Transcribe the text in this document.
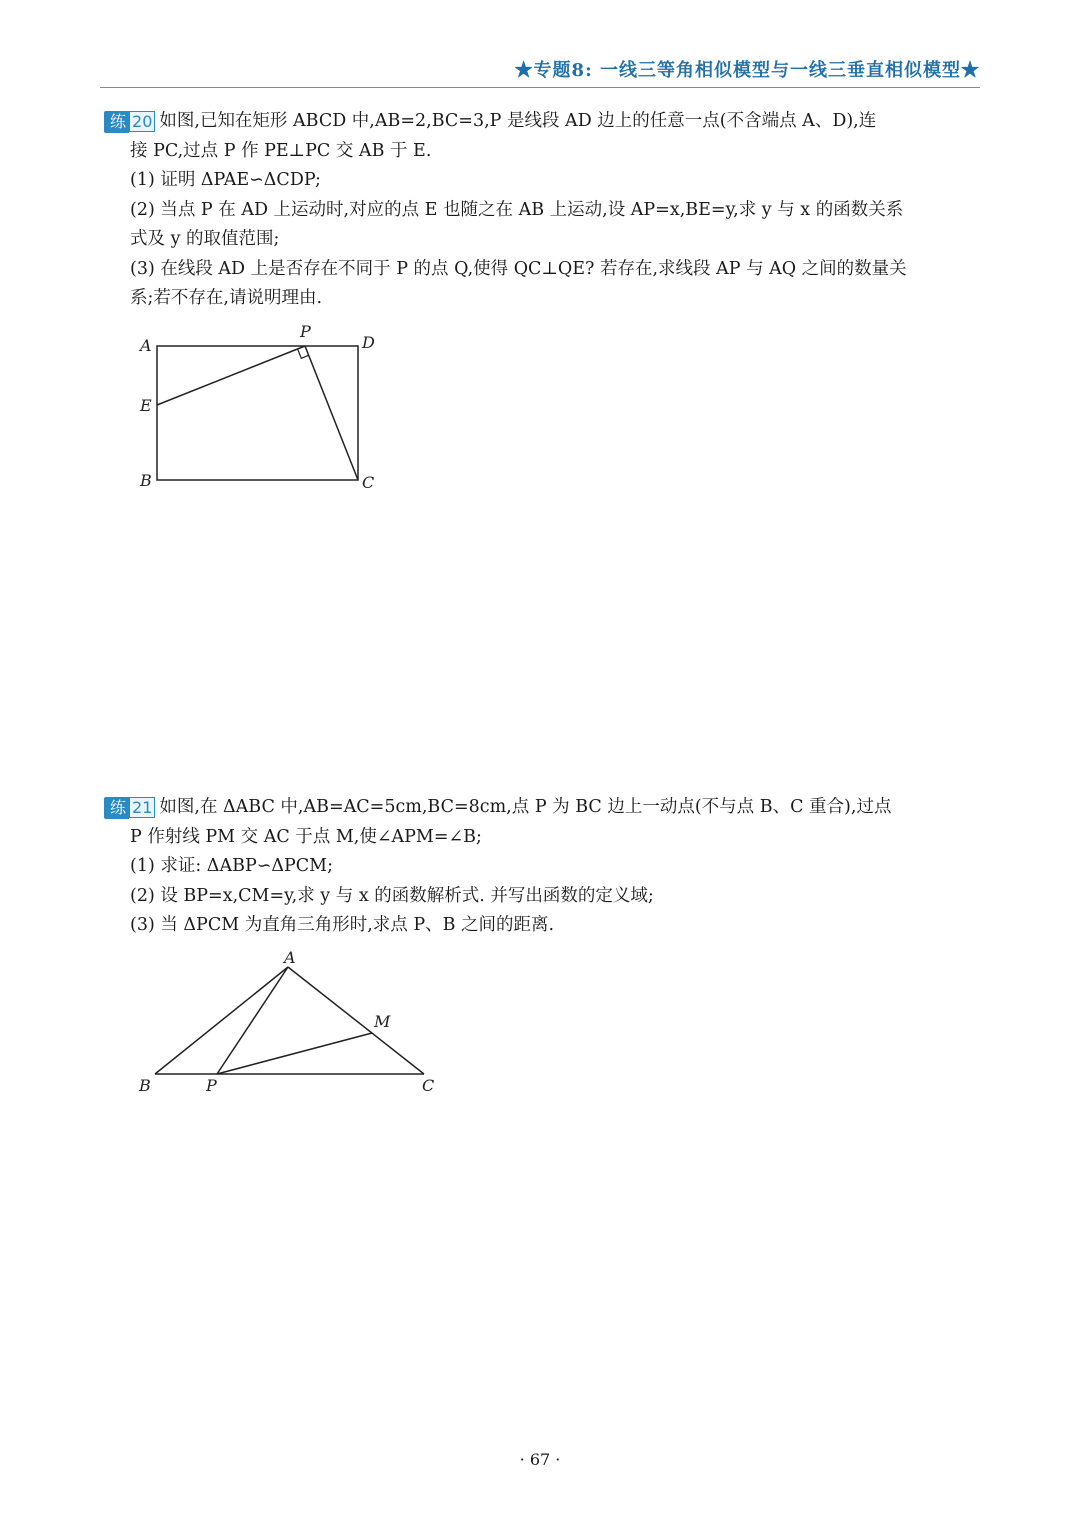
★专题8: 一线三等角相似模型与一线三垂直相似模型★
练 20 如图,已知在矩形 ABCD 中,AB=2,BC=3,P 是线段 AD 边上的任意一点(不含端点 A、D),连
接 PC,过点 P 作 PE⊥PC 交 AB 于 E.
(1) 证明 ΔPAE∽ΔCDP;
(2) 当点 P 在 AD 上运动时,对应的点 E 也随之在 AB 上运动,设 AP=x,BE=y,求 y 与 x 的函数关系
式及 y 的取值范围;
(3) 在线段 AD 上是否存在不同于 P 的点 Q,使得 QC⊥QE? 若存在,求线段 AP 与 AQ 之间的数量关
系;若不存在,请说明理由.
A
E
B	C
D
P
练 21 如图,在 ΔABC 中,AB=AC=5cm,BC=8cm,点 P 为 BC 边上一动点(不与点 B、C 重合),过点
P 作射线 PM 交 AC 于点 M,使∠APM=∠B;
(1) 求证: ΔABP∽ΔPCM;
(2) 设 BP=x,CM=y,求 y 与 x 的函数解析式. 并写出函数的定义域;
(3) 当 ΔPCM 为直角三角形时,求点 P、B 之间的距离.
A
B	P	C
M
· 67 ·
